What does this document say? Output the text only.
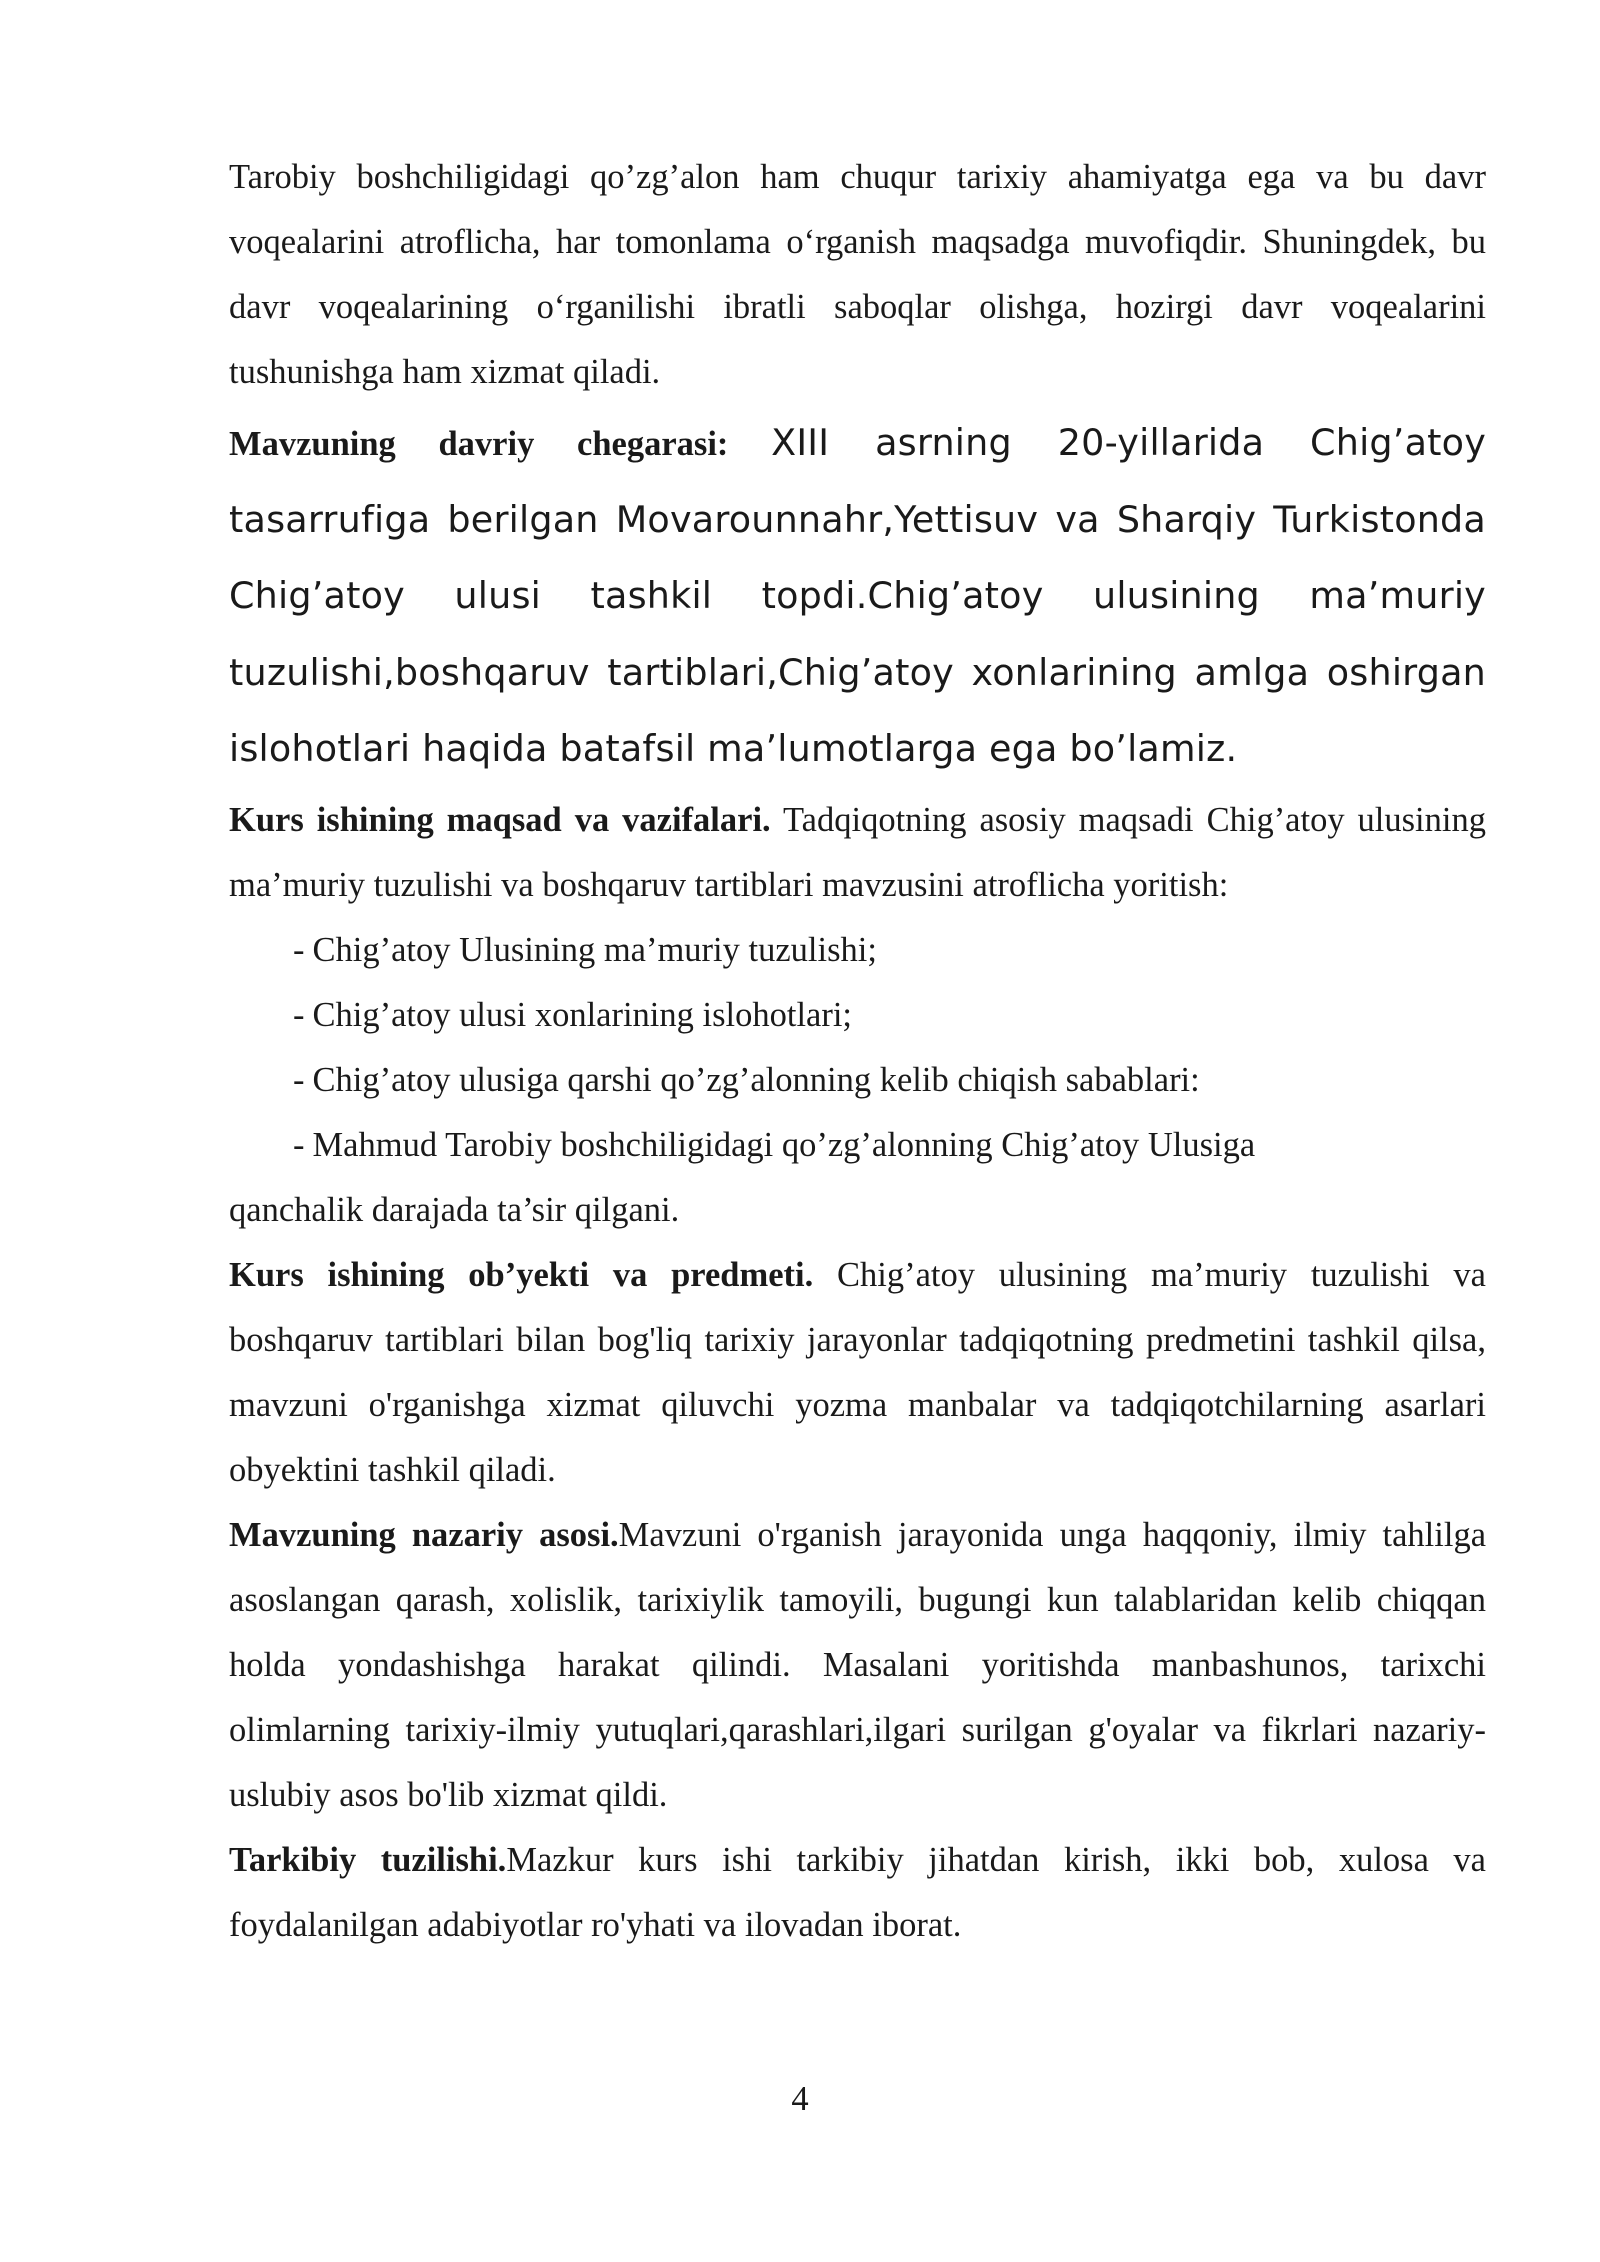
Tarobiy boshchiligidagi qo’zg’alon ham chuqur tarixiy ahamiyatga ega va bu davr voqealarini atroflicha, har tomonlama o‘rganish maqsadga muvofiqdir. Shuningdek, bu davr voqealarining o‘rganilishi ibratli saboqlar olishga, hozirgi davr voqealarini tushunishga ham xizmat qiladi.

Mavzuning davriy chegarasi: XIII asrning 20-yillarida Chig’atoy tasarrufiga berilgan Movarounnahr,Yettisuv va Sharqiy Turkistonda Chig’atoy ulusi tashkil topdi.Chig’atoy ulusining ma’muriy tuzulishi,boshqaruv tartiblari,Chig’atoy xonlarining amlga oshirgan islohotlari haqida batafsil ma’lumotlarga ega bo’lamiz.

Kurs ishining maqsad va vazifalari. Tadqiqotning asosiy maqsadi Chig’atoy ulusining ma’muriy tuzulishi va boshqaruv tartiblari mavzusini atroflicha yoritish:

- Chig’atoy Ulusining ma’muriy tuzulishi;

- Chig’atoy ulusi xonlarining islohotlari;

- Chig’atoy ulusiga qarshi qo’zg’alonning kelib chiqish sabablari:

- Mahmud Tarobiy boshchiligidagi qo’zg’alonning Chig’atoy Ulusiga

qanchalik darajada ta’sir qilgani.

Kurs ishining ob’yekti va predmeti. Chig’atoy ulusining ma’muriy tuzulishi va boshqaruv tartiblari bilan bog'liq tarixiy jarayonlar tadqiqotning predmetini tashkil qilsa, mavzuni o'rganishga xizmat qiluvchi yozma manbalar va tadqiqotchilarning asarlari obyektini tashkil qiladi.

Mavzuning nazariy asosi.Mavzuni o'rganish jarayonida unga haqqoniy, ilmiy tahlilga asoslangan qarash, xolislik, tarixiylik tamoyili, bugungi kun talablaridan kelib chiqqan holda yondashishga harakat qilindi. Masalani yoritishda manbashunos, tarixchi olimlarning tarixiy-ilmiy yutuqlari,qarashlari,ilgari surilgan g'oyalar va fikrlari nazariy- uslubiy asos bo'lib xizmat qildi.

Tarkibiy tuzilishi.Mazkur kurs ishi tarkibiy jihatdan kirish, ikki bob, xulosa va foydalanilgan adabiyotlar ro'yhati va ilovadan iborat.

4
